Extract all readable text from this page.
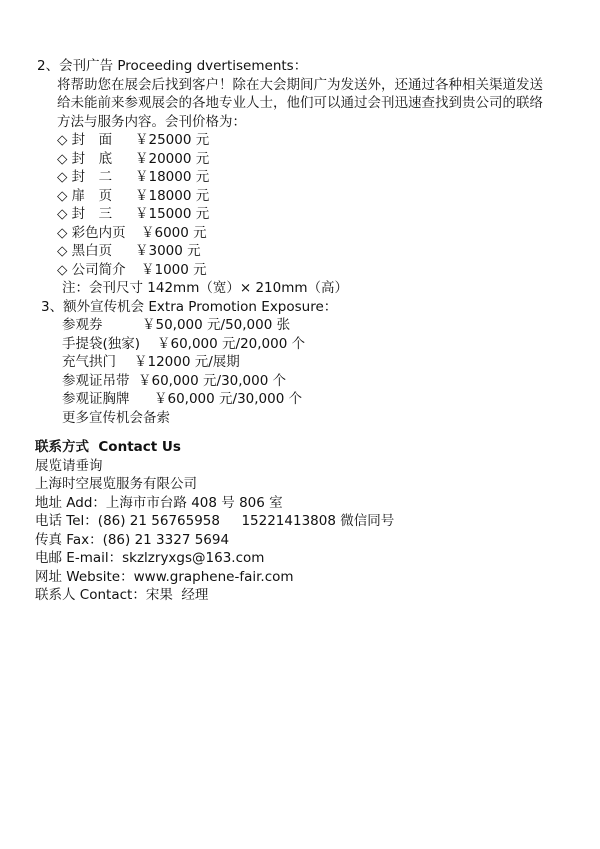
2、会刊广告 Proceeding dvertisements：
将帮助您在展会后找到客户！除在大会期间广为发送外，还通过各种相关渠道发送
给未能前来参观展会的各地专业人士，他们可以通过会刊迅速查找到贵公司的联络
方法与服务内容。会刊价格为：
◇ 封　面 ￥25000 元
◇ 封　底 ￥20000 元
◇ 封　二 ￥18000 元
◇ 扉　页 ￥18000 元
◇ 封　三 ￥15000 元
◇ 彩色内页 ￥6000 元
◇ 黑白页 ￥3000 元
◇ 公司简介 ￥1000 元
注：会刊尺寸 142mm（宽）× 210mm（高）
3、额外宣传机会 Extra Promotion Exposure：
参观券	￥50,000 元/50,000 张
手提袋(独家) ￥60,000 元/20,000 个
充气拱门 ￥12000 元/展期
参观证吊带 ￥60,000 元/30,000 个
参观证胸牌 ￥60,000 元/30,000 个
更多宣传机会备索
联系方式  Contact Us
展览请垂询
上海时空展览服务有限公司
地址 Add：上海市市台路 408 号 806 室
电话 Tel：(86) 21 56765958     15221413808 微信同号
传真 Fax：(86) 21 3327 5694
电邮 E-mail：skzlzryxgs@163.com
网址 Website：www.graphene-fair.com
联系人 Contact：宋果  经理
